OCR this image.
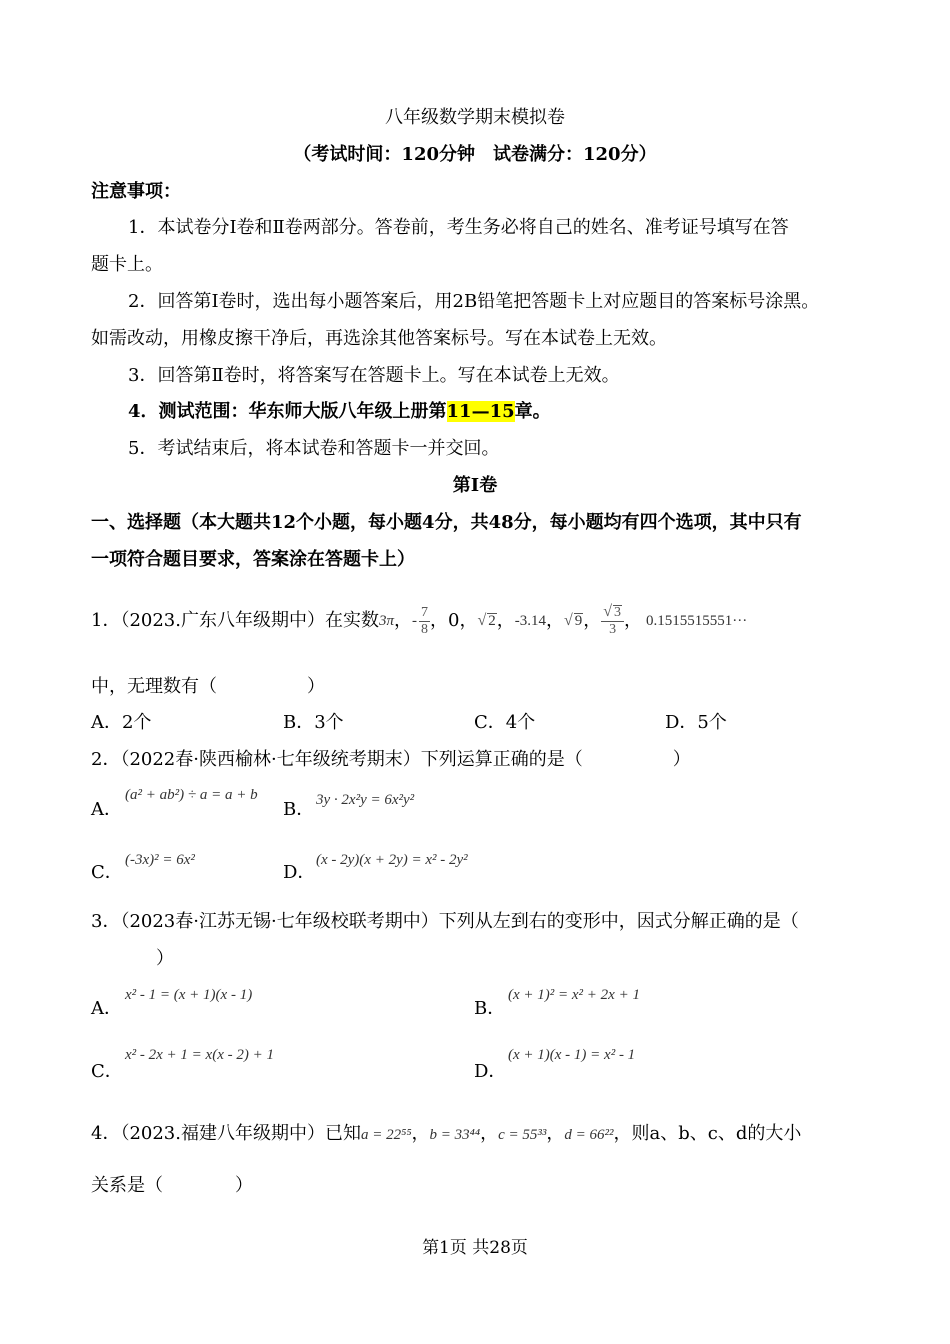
八年级数学期末模拟卷
（考试时间：120分钟　试卷满分：120分）
注意事项：
1．本试卷分Ⅰ卷和Ⅱ卷两部分。答卷前，考生务必将自己的姓名、准考证号填写在答
题卡上。
2．回答第Ⅰ卷时，选出每小题答案后，用2B铅笔把答题卡上对应题目的答案标号涂黑。
如需改动，用橡皮擦干净后，再选涂其他答案标号。写在本试卷上无效。
3．回答第Ⅱ卷时，将答案写在答题卡上。写在本试卷上无效。
4．测试范围：华东师大版八年级上册第11—15章。
5．考试结束后，将本试卷和答题卡一并交回。
第Ⅰ卷
一、选择题（本大题共12个小题，每小题4分，共48分，每小题均有四个选项，其中只有
一项符合题目要求，答案涂在答题卡上）
1．（2023.广东八年级期中）在实数 3π ， - $\frac{7}{8}$ ， 0 ， √ 2 ， -3.14 ， √ 9 ， $\frac{√ 3}{3}$ ， 0.1515515551···
中，无理数有（　　　　　）
A．2个	B．3个	C．4个	D．5个
2．（2022春·陕西榆林·七年级统考期末）下列运算正确的是（　　　　　）
A．
(a² + ab²) ÷ a = a + b
B． 3y · 2x²y = 6x²y²
C．
(-3x)² = 6x²
D．
(x - 2y)(x + 2y) = x² - 2y²
3．（2023春·江苏无锡·七年级校联考期中）下列从左到右的变形中，因式分解正确的是（
　　）
A．
x² - 1 = (x + 1)(x - 1)
B．
(x + 1)² = x² + 2x + 1
C．
x² - 2x + 1 = x(x - 2) + 1
D．
(x + 1)(x - 1) = x² - 1
4．（2023.福建八年级期中）已知a = 22⁵⁵，b = 33⁴⁴，c = 55³³，d = 66²²，则a、b、c、d的大小
关系是（　　　　）
第1页 共28页
